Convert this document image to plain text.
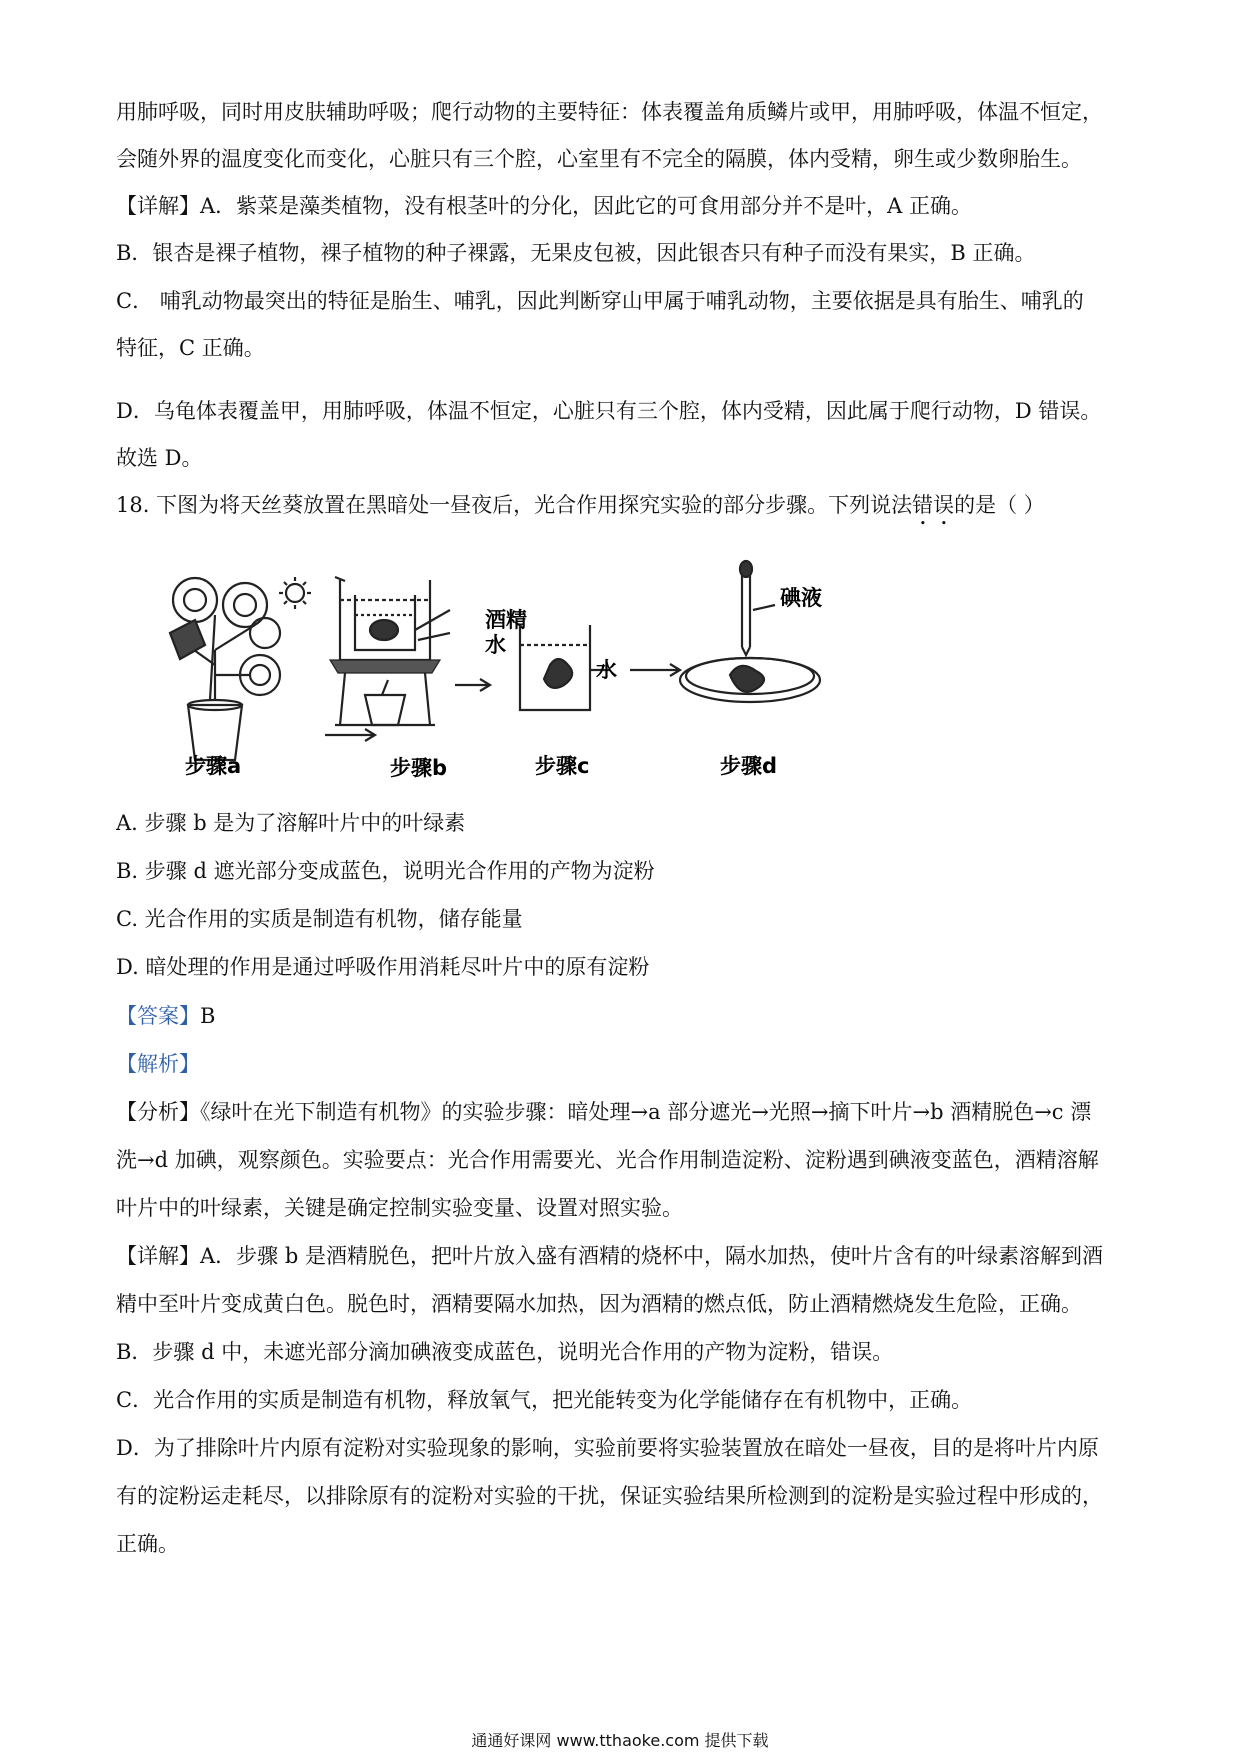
用肺呼吸，同时用皮肤辅助呼吸；爬行动物的主要特征：体表覆盖角质鳞片或甲，用肺呼吸，体温不恒定，
会随外界的温度变化而变化，心脏只有三个腔，心室里有不完全的隔膜，体内受精，卵生或少数卵胎生。
【详解】A．紫菜是藻类植物，没有根茎叶的分化，因此它的可食用部分并不是叶，A 正确。
B．银杏是裸子植物，裸子植物的种子裸露，无果皮包被，因此银杏只有种子而没有果实，B 正确。
C． 哺乳动物最突出的特征是胎生、哺乳，因此判断穿山甲属于哺乳动物，主要依据是具有胎生、哺乳的
特征，C 正确。
D．乌龟体表覆盖甲，用肺呼吸，体温不恒定，心脏只有三个腔，体内受精，因此属于爬行动物，D 错误。
故选 D。
18. 下图为将天丝葵放置在黑暗处一昼夜后，光合作用探究实验的部分步骤。下列说法错误的是（ ）
酒精
水
水
碘液
步骤a	步骤b	步骤c	步骤d
A. 步骤 b 是为了溶解叶片中的叶绿素
B. 步骤 d 遮光部分变成蓝色，说明光合作用的产物为淀粉
C. 光合作用的实质是制造有机物，储存能量
D. 暗处理的作用是通过呼吸作用消耗尽叶片中的原有淀粉
【答案】B
【解析】
【分析】《绿叶在光下制造有机物》的实验步骤：暗处理→a 部分遮光→光照→摘下叶片→b 酒精脱色→c 漂
洗→d 加碘，观察颜色。实验要点：光合作用需要光、光合作用制造淀粉、淀粉遇到碘液变蓝色，酒精溶解
叶片中的叶绿素，关键是确定控制实验变量、设置对照实验。
【详解】A．步骤 b 是酒精脱色，把叶片放入盛有酒精的烧杯中，隔水加热，使叶片含有的叶绿素溶解到酒
精中至叶片变成黄白色。脱色时，酒精要隔水加热，因为酒精的燃点低，防止酒精燃烧发生危险，正确。
B．步骤 d 中，未遮光部分滴加碘液变成蓝色，说明光合作用的产物为淀粉，错误。
C．光合作用的实质是制造有机物，释放氧气，把光能转变为化学能储存在有机物中，正确。
D．为了排除叶片内原有淀粉对实验现象的影响，实验前要将实验装置放在暗处一昼夜，目的是将叶片内原
有的淀粉运走耗尽，以排除原有的淀粉对实验的干扰，保证实验结果所检测到的淀粉是实验过程中形成的，
正确。
通通好课网 www.tthaoke.com 提供下载
